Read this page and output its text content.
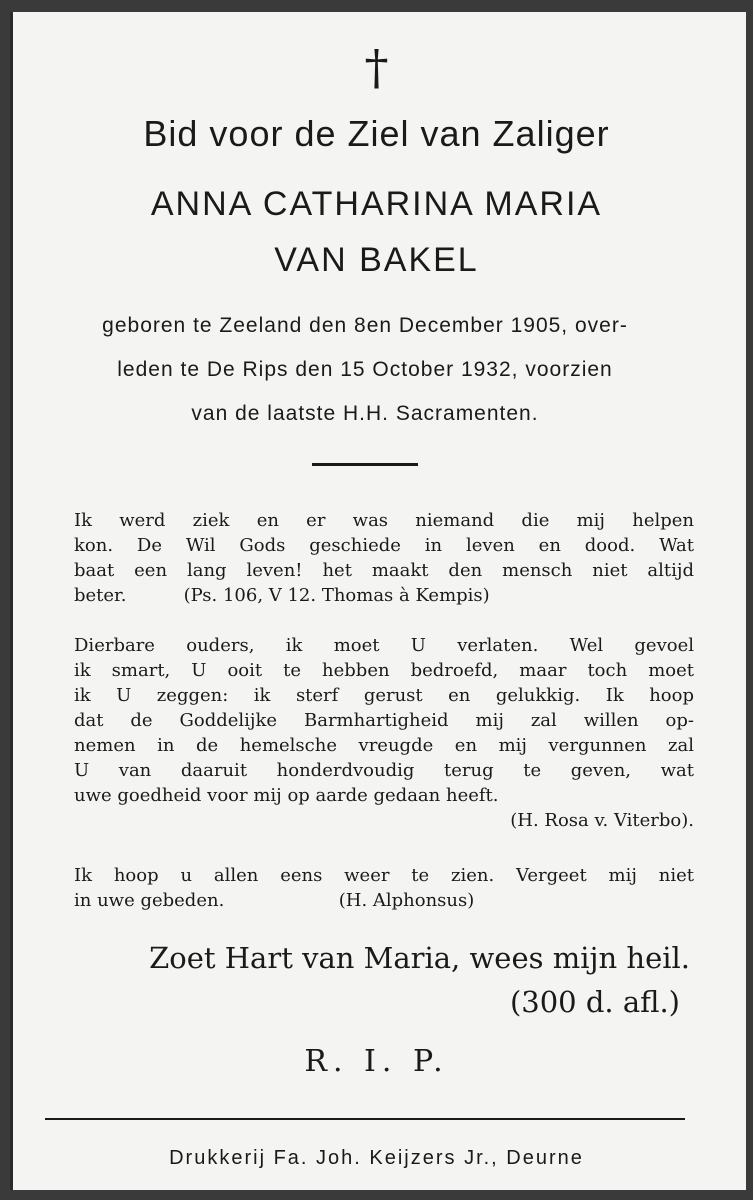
†
Bid voor de Ziel van Zaliger
ANNA CATHARINA MARIA
VAN BAKEL
geboren te Zeeland den 8en December 1905, over-
leden te De Rips den 15 October 1932, voorzien
van de laatste H.H. Sacramenten.
Ik werd ziek en er was niemand die mij helpen
kon. De Wil Gods geschiede in leven en dood. Wat
baat een lang leven! het maakt den mensch niet altijd
beter.          (Ps. 106, V 12. Thomas à Kempis)
Dierbare ouders, ik moet U verlaten. Wel gevoel
ik smart, U ooit te hebben bedroefd, maar toch moet
ik U zeggen: ik sterf gerust en gelukkig. Ik hoop
dat de Goddelijke Barmhartigheid mij zal willen op-
nemen in de hemelsche vreugde en mij vergunnen zal
U van daaruit honderdvoudig terug te geven, wat
uwe goedheid voor mij op aarde gedaan heeft.
(H. Rosa v. Viterbo).
Ik hoop u allen eens weer te zien. Vergeet mij niet
in uwe gebeden.                    (H. Alphonsus)
Zoet Hart van Maria, wees mijn heil.
(300 d. afl.)
R. I. P.
Drukkerij Fa. Joh. Keijzers Jr., Deurne
